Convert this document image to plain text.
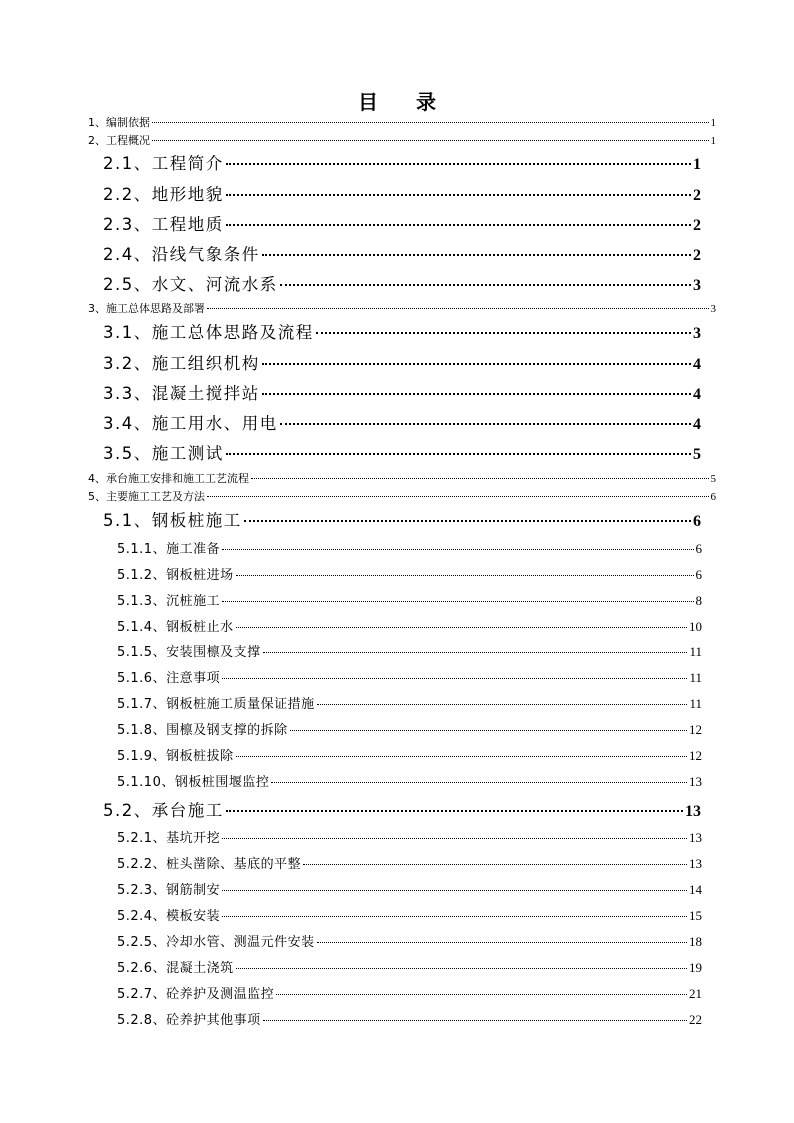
目录
1、编制依据	1
2、工程概况	1
2.1、工程简介	1
2.2、地形地貌	2
2.3、工程地质	2
2.4、沿线气象条件	2
2.5、水文、河流水系	3
3、施工总体思路及部署	3
3.1、施工总体思路及流程	3
3.2、施工组织机构	4
3.3、混凝土搅拌站	4
3.4、施工用水、用电	4
3.5、施工测试	5
4、承台施工安排和施工工艺流程	5
5、主要施工工艺及方法	6
5.1、钢板桩施工	6
5.1.1、施工准备	6
5.1.2、钢板桩进场	6
5.1.3、沉桩施工	8
5.1.4、钢板桩止水	10
5.1.5、安装围檩及支撑	11
5.1.6、注意事项	11
5.1.7、钢板桩施工质量保证措施	11
5.1.8、围檩及钢支撑的拆除	12
5.1.9、钢板桩拔除	12
5.1.10、钢板桩围堰监控	13
5.2、承台施工	13
5.2.1、基坑开挖	13
5.2.2、桩头凿除、基底的平整	13
5.2.3、钢筋制安	14
5.2.4、模板安装	15
5.2.5、冷却水管、测温元件安装	18
5.2.6、混凝土浇筑	19
5.2.7、砼养护及测温监控	21
5.2.8、砼养护其他事项	22
